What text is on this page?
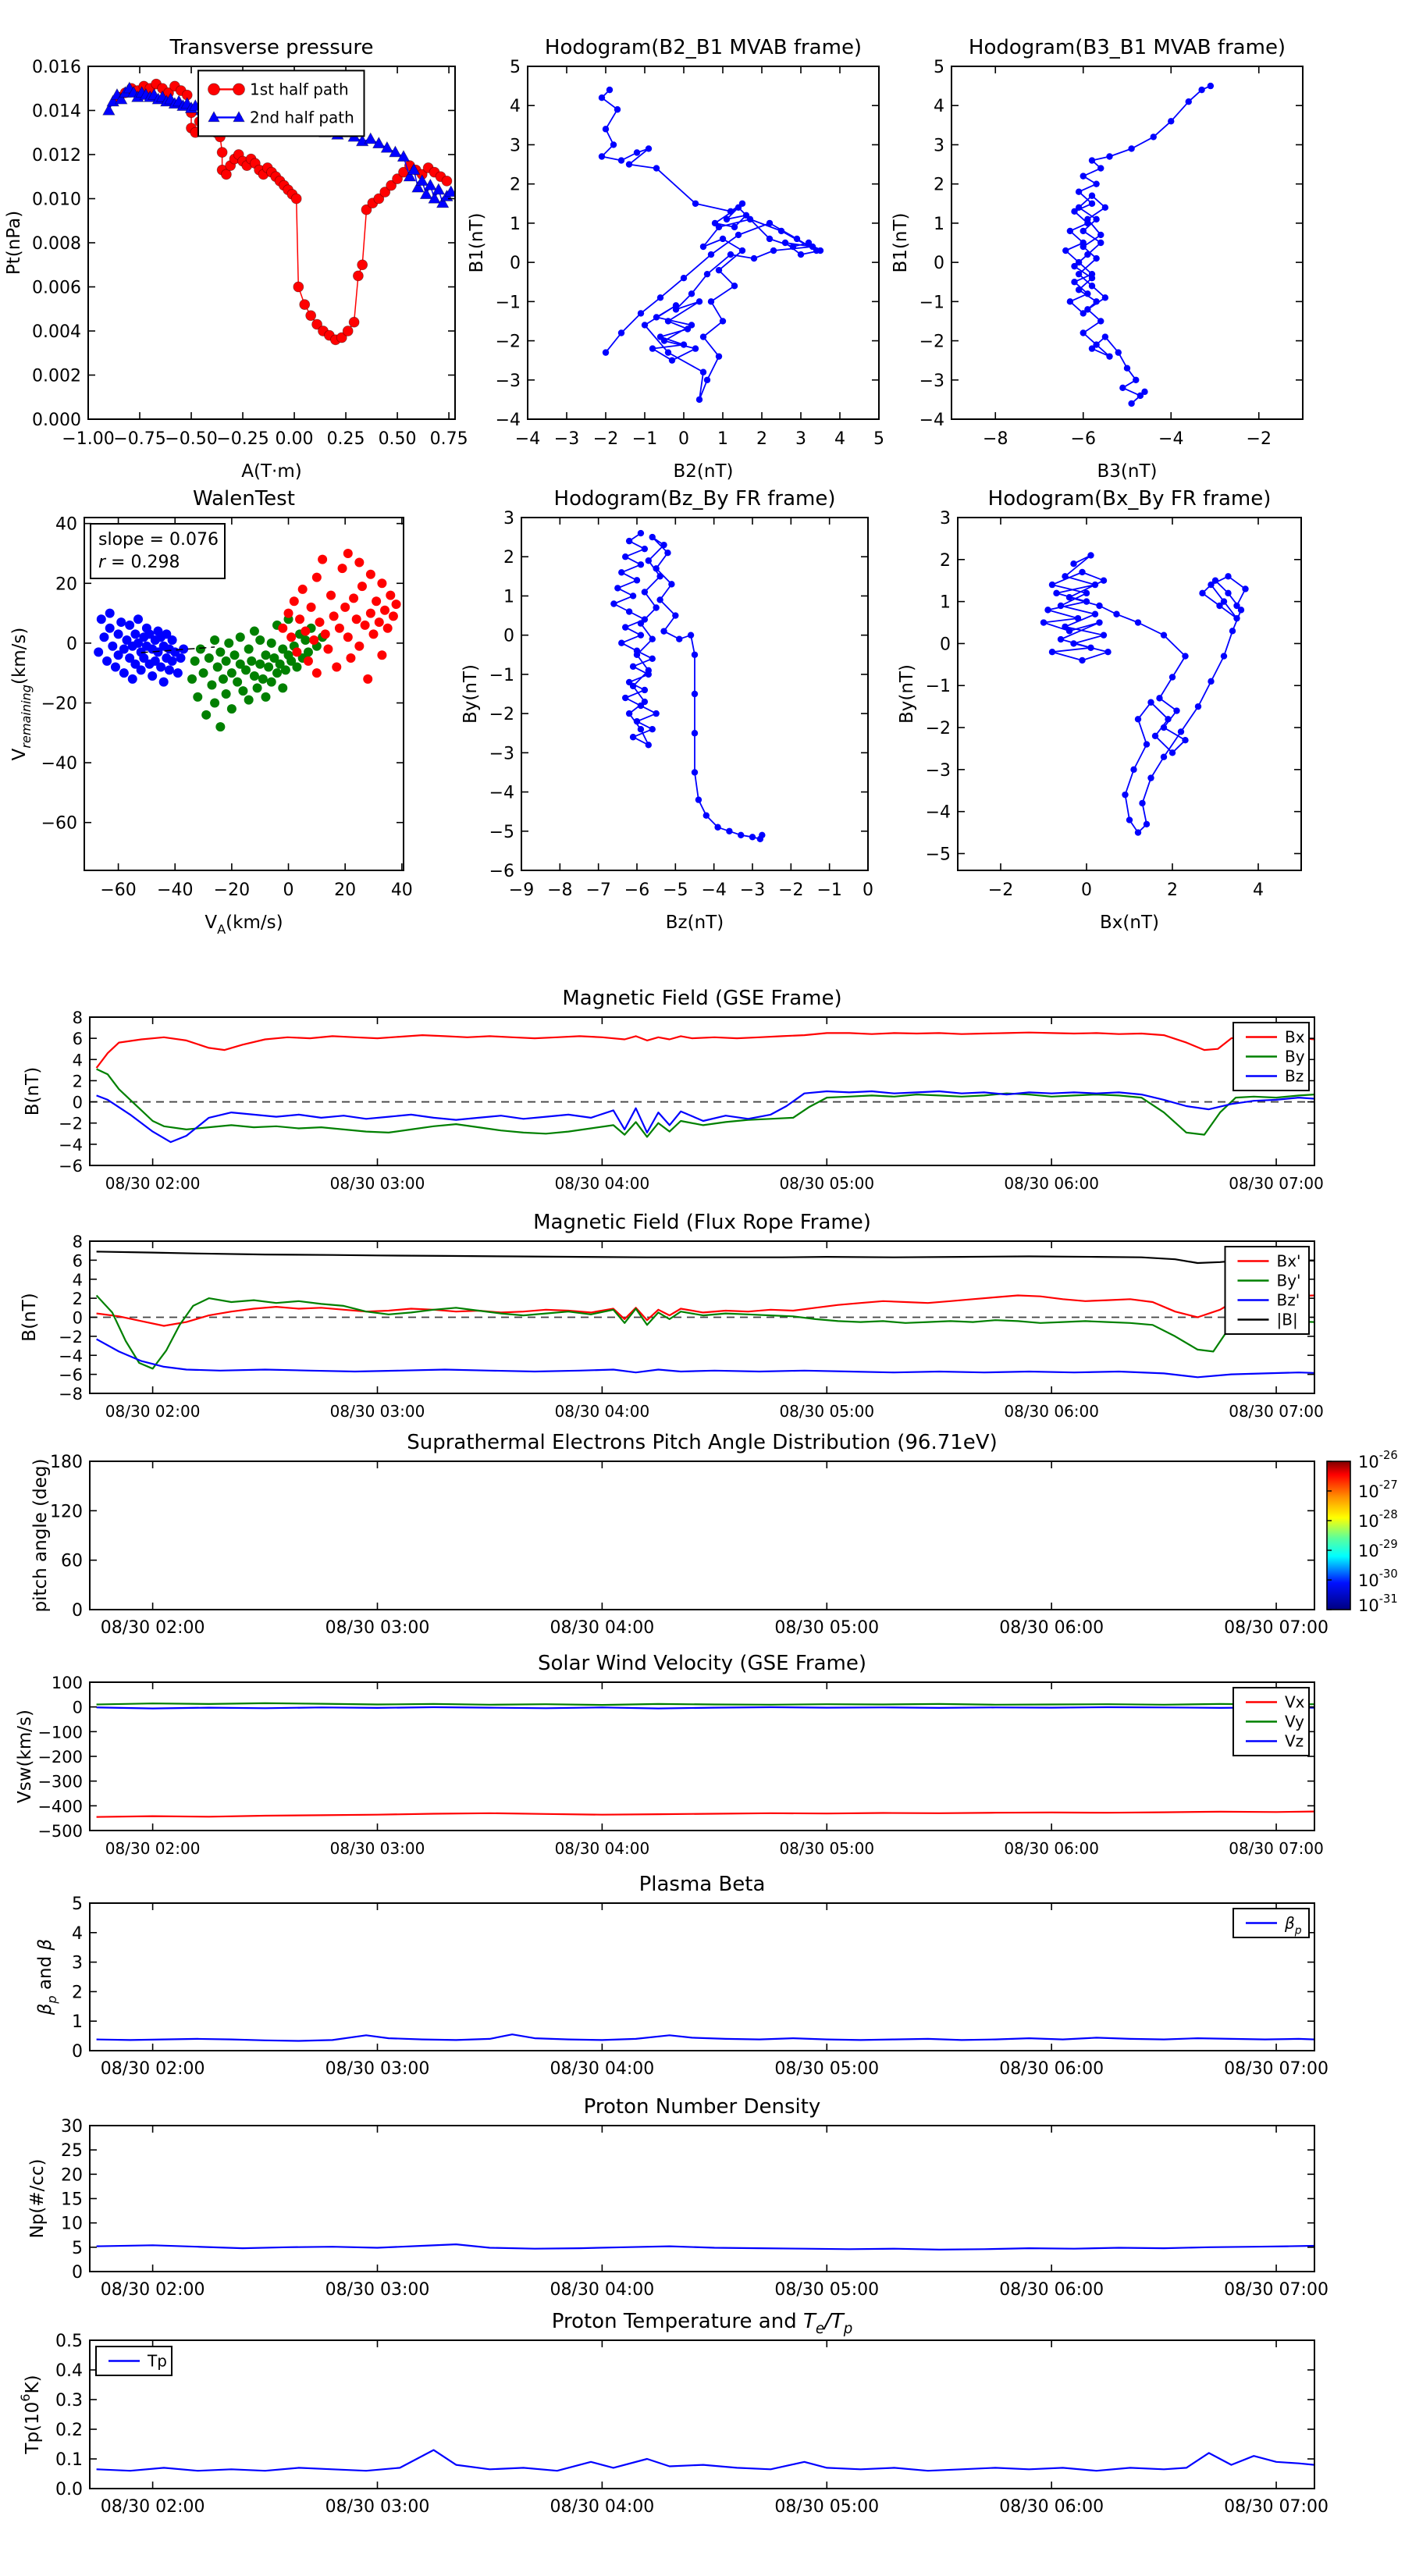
−1.00
−0.75
−0.50
−0.25 0.00 0.25 0.50 0.75
0.000
0.002
0.004
0.006
0.008
0.010
0.012
0.014
0.016
Transverse pressure
A(T·m)
Pt(nPa)
1st half path
2nd half path
−4 −3 −2 −1 0 1 2 3 4 5
−4
−3
−2
−1
0
1
2
3
4
5
Hodogram(B2_B1 MVAB frame)
B2(nT)
B1(nT)
−8	−6	−4	−2
−4
−3
−2
−1
0
1
2
3
4
5
Hodogram(B3_B1 MVAB frame)
B3(nT)
B1(nT)
−60 −40 −20 0 20 40
−60
−40
−20
0
20
40
WalenTest
$V_A(km/s)$
$V_{remaining}(km/s)$
slope = 0.076
r = 0.298
−9 −8 −7 −6 −5 −4 −3 −2 −1 0
−6
−5
−4
−3
−2
−1
0
1
2
3
Hodogram(Bz_By FR frame)
Bz(nT)
By(nT)
−2	0	2	4
−5
−4
−3
−2
−1
0
1
2
3
Hodogram(Bx_By FR frame)
Bx(nT)
By(nT)
08/30 02:00	08/30 03:00	08/30 04:00	08/30 05:00	08/30 06:00	08/30 07:00
−6
−4
−2
0
2
4
6
8
Magnetic Field (GSE Frame)
B(nT)
Bx
By
Bz
08/30 02:00	08/30 03:00	08/30 04:00	08/30 05:00	08/30 06:00	08/30 07:00
−8
−6
−4
−2
0
2
4
6
8
Magnetic Field (Flux Rope Frame)
B(nT)
Bx'
By'
Bz'
|B|
08/30 02:00	08/30 03:00	08/30 04:00	08/30 05:00	08/30 06:00	08/30 07:00
0
60
120
180
Suprathermal Electrons Pitch Angle Distribution (96.71eV)
pitch angle (deg)	$10^{-26}$
$10^{-27}$
$10^{-28}$
$10^{-29}$
$10^{-30}$
$10^{-31}$
08/30 02:00	08/30 03:00	08/30 04:00	08/30 05:00	08/30 06:00	08/30 07:00
−500
−400
−300
−200
−100
0
100
Solar Wind Velocity (GSE Frame)
Vsw(km/s)
Vx
Vy
Vz
08/30 02:00	08/30 03:00	08/30 04:00	08/30 05:00	08/30 06:00	08/30 07:00
0
1
2
3
4
5
Plasma Beta
$\beta_p$ and β
$\beta_p$
08/30 02:00	08/30 03:00	08/30 04:00	08/30 05:00	08/30 06:00	08/30 07:00
0
5
10
15
20
25
30
Proton Number Density
Np(#/cc)
08/30 02:00	08/30 03:00	08/30 04:00	08/30 05:00	08/30 06:00	08/30 07:00
0.0
0.1
0.2
0.3
0.4
0.5
Proton Temperature and $T_e/T_p$
$Tp(10^6K)$
Tp
